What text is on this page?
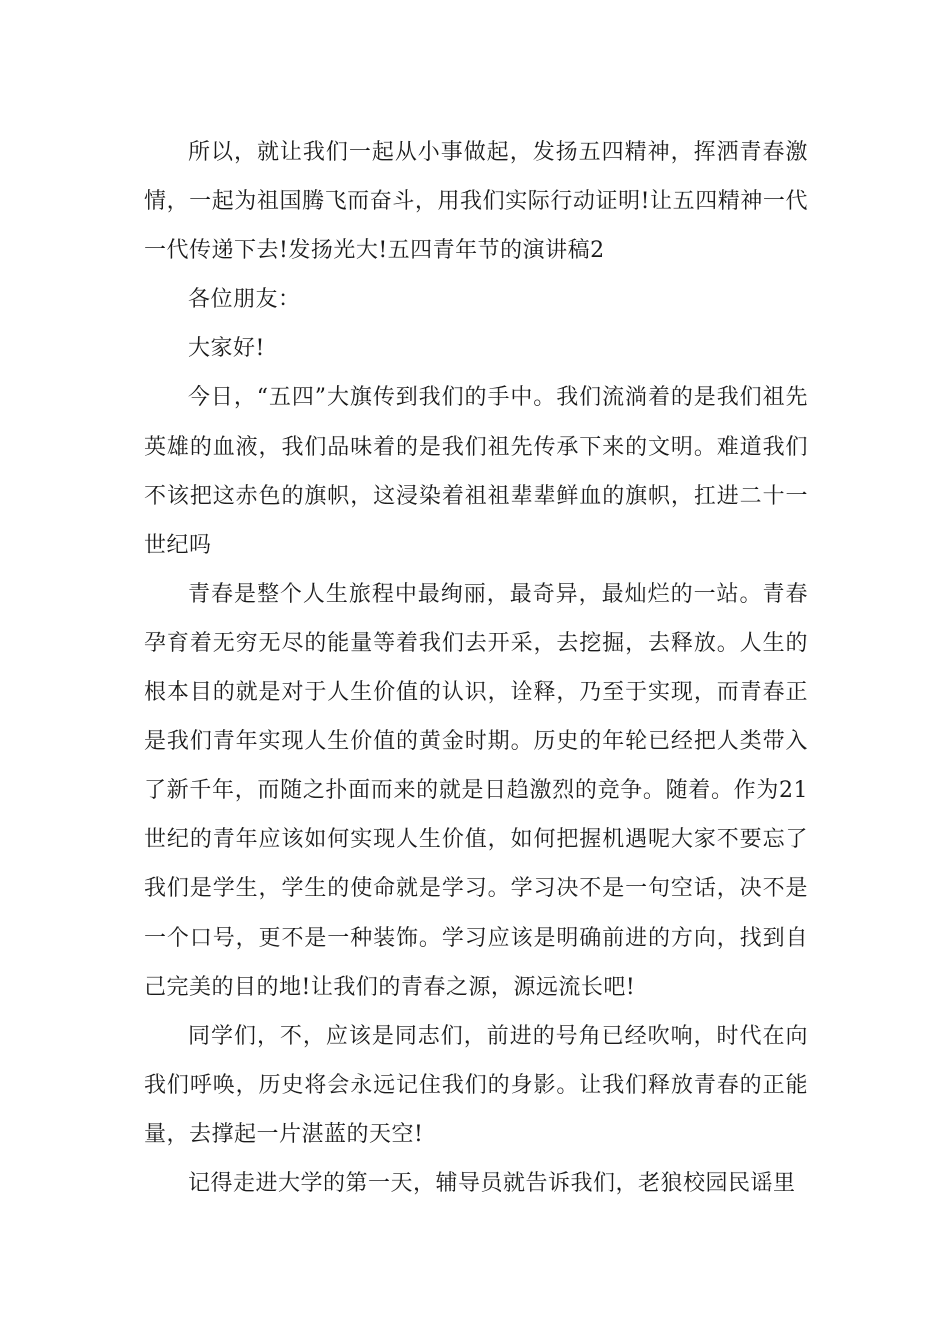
所以，就让我们一起从小事做起，发扬五四精神，挥洒青春激情，一起为祖国腾飞而奋斗，用我们实际行动证明!让五四精神一代一代传递下去!发扬光大!五四青年节的演讲稿2

各位朋友：

大家好!

今日，“五四”大旗传到我们的手中。我们流淌着的是我们祖先英雄的血液，我们品味着的是我们祖先传承下来的文明。难道我们不该把这赤色的旗帜，这浸染着祖祖辈辈鲜血的旗帜，扛进二十一世纪吗

青春是整个人生旅程中最绚丽，最奇异，最灿烂的一站。青春孕育着无穷无尽的能量等着我们去开采，去挖掘，去释放。人生的根本目的就是对于人生价值的认识，诠释，乃至于实现，而青春正是我们青年实现人生价值的黄金时期。历史的年轮已经把人类带入了新千年，而随之扑面而来的就是日趋激烈的竞争。随着。作为21世纪的青年应该如何实现人生价值，如何把握机遇呢大家不要忘了我们是学生，学生的使命就是学习。学习决不是一句空话，决不是一个口号，更不是一种装饰。学习应该是明确前进的方向，找到自己完美的目的地!让我们的青春之源，源远流长吧!

同学们，不，应该是同志们，前进的号角已经吹响，时代在向我们呼唤，历史将会永远记住我们的身影。让我们释放青春的正能量，去撑起一片湛蓝的天空!

记得走进大学的第一天，辅导员就告诉我们，老狼校园民谣里
